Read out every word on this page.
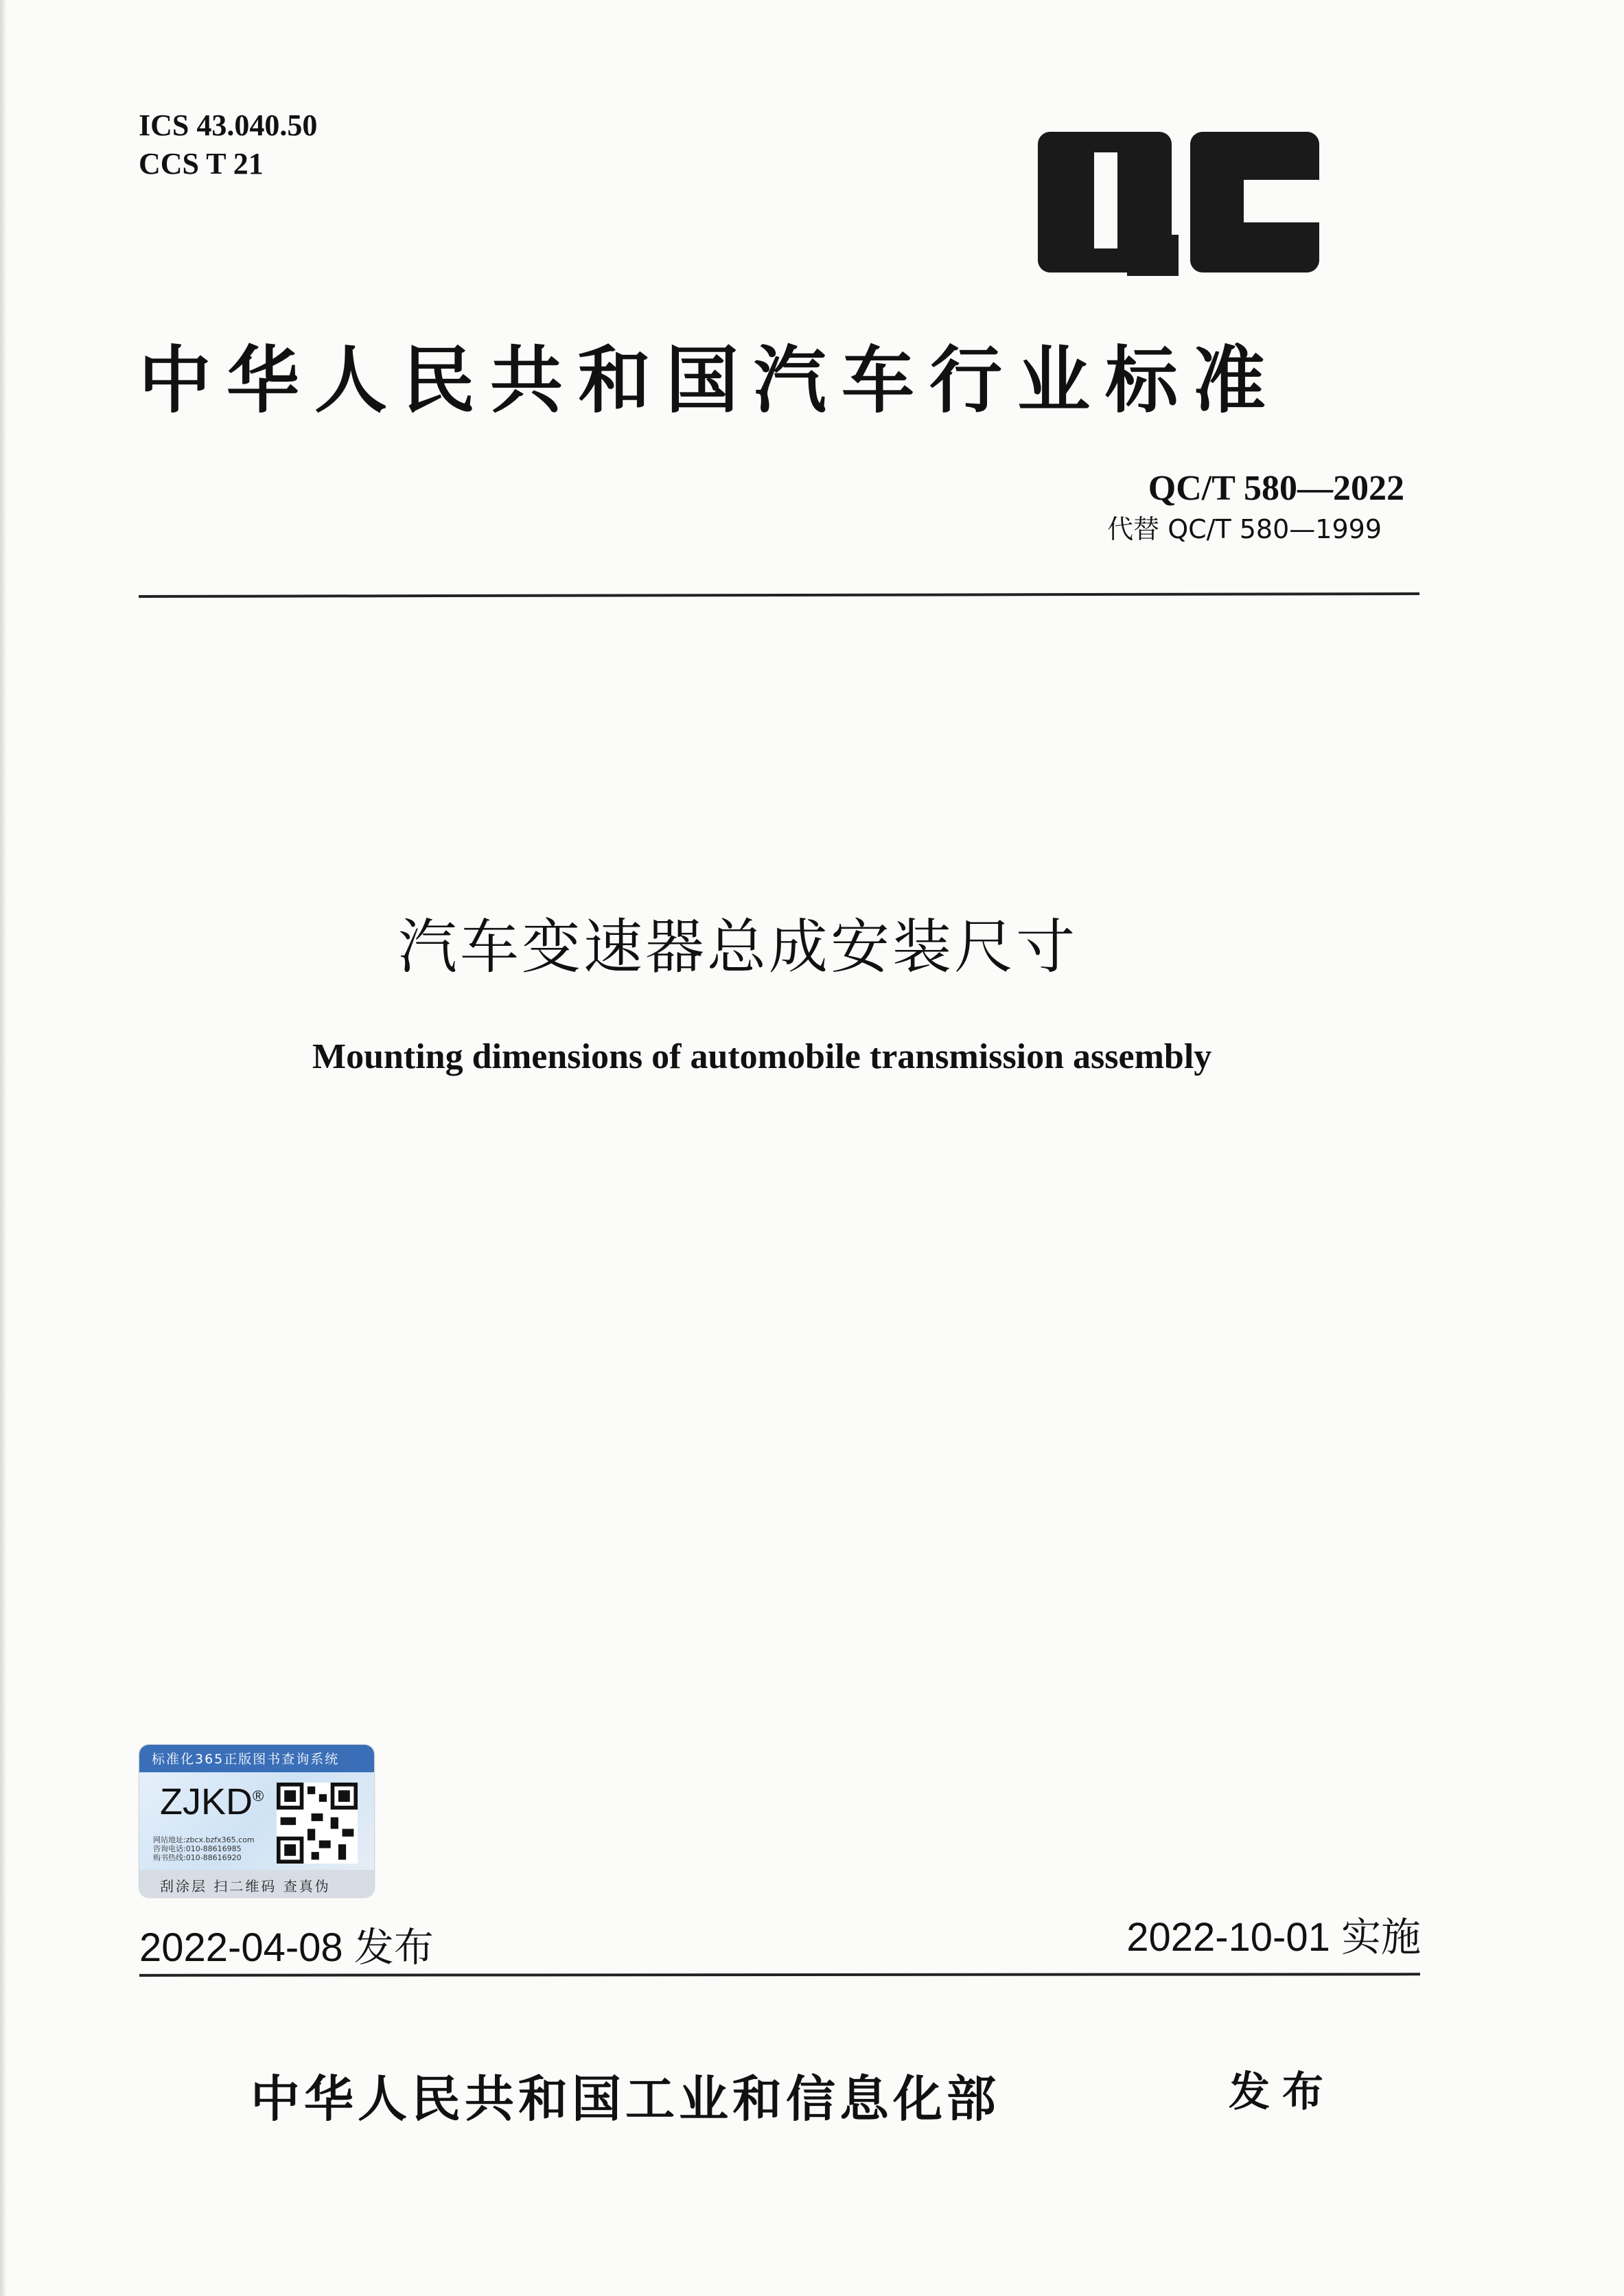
ICS 43.040.50
CCS T 21
中华人民共和国汽车行业标准
QC/T 580—2022
代替 QC/T 580—1999
汽车变速器总成安装尺寸
Mounting dimensions of automobile transmission assembly
标准化365正版图书查询系统
ZJKD®
网站地址:zbcx.bzfx365.com
咨询电话:010-88616985
购书热线:010-88616920
刮涂层 扫二维码 查真伪
2022-04-08 发布	2022-10-01 实施
中华人民共和国工业和信息化部	发布
